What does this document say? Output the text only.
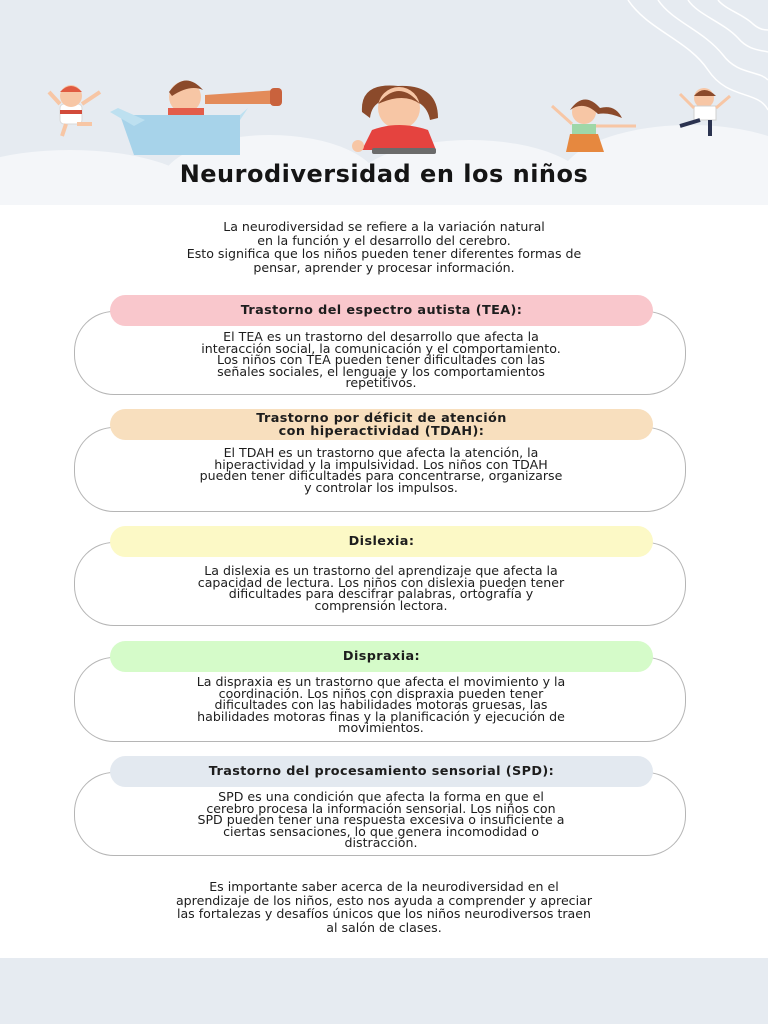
Neurodiversidad en los niños
La neurodiversidad se refiere a la variación natural
en la función y el desarrollo del cerebro.
Esto significa que los niños pueden tener diferentes formas de
pensar, aprender y procesar información.
Trastorno del espectro autista (TEA):
El TEA es un trastorno del desarrollo que afecta la
interacción social, la comunicación y el comportamiento.
Los niños con TEA pueden tener dificultades con las
señales sociales, el lenguaje y los comportamientos
repetitivos.
Trastorno por déficit de atención
con hiperactividad (TDAH):
El TDAH es un trastorno que afecta la atención, la
hiperactividad y la impulsividad. Los niños con TDAH
pueden tener dificultades para concentrarse, organizarse
y controlar los impulsos.
Dislexia:
La dislexia es un trastorno del aprendizaje que afecta la
capacidad de lectura. Los niños con dislexia pueden tener
dificultades para descifrar palabras, ortografía y
comprensión lectora.
Dispraxia:
La dispraxia es un trastorno que afecta el movimiento y la
coordinación. Los niños con dispraxia pueden tener
dificultades con las habilidades motoras gruesas, las
habilidades motoras finas y la planificación y ejecución de
movimientos.
Trastorno del procesamiento sensorial (SPD):
SPD es una condición que afecta la forma en que el
cerebro procesa la información sensorial. Los niños con
SPD pueden tener una respuesta excesiva o insuficiente a
ciertas sensaciones, lo que genera incomodidad o
distracción.
Es importante saber acerca de la neurodiversidad en el
aprendizaje de los niños, esto nos ayuda a comprender y apreciar
las fortalezas y desafíos únicos que los niños neurodiversos traen
al salón de clases.
